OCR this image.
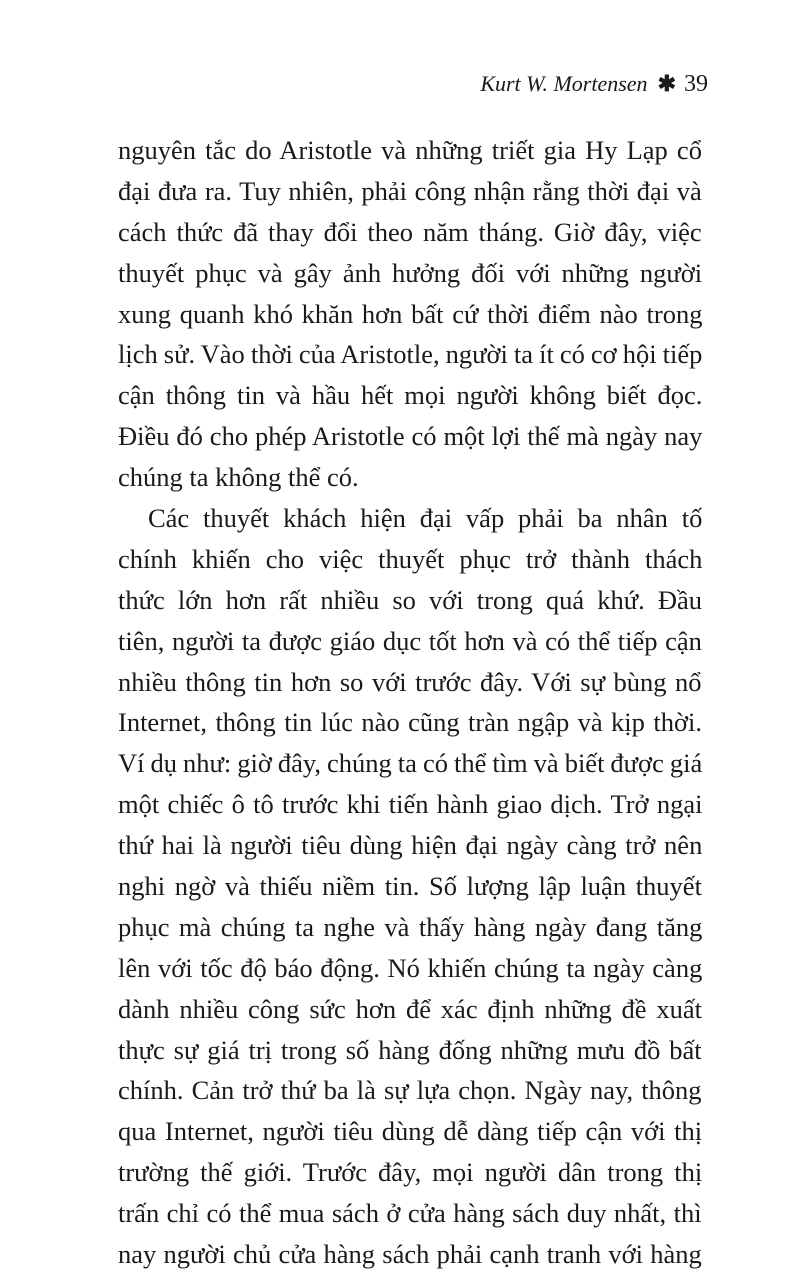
Kurt W. Mortensen ✱ 39
nguyên tắc do Aristotle và những triết gia Hy Lạp cổ
đại đưa ra. Tuy nhiên, phải công nhận rằng thời đại và
cách thức đã thay đổi theo năm tháng. Giờ đây, việc
thuyết phục và gây ảnh hưởng đối với những người
xung quanh khó khăn hơn bất cứ thời điểm nào trong
lịch sử. Vào thời của Aristotle, người ta ít có cơ hội tiếp
cận thông tin và hầu hết mọi người không biết đọc.
Điều đó cho phép Aristotle có một lợi thế mà ngày nay
chúng ta không thể có.
Các thuyết khách hiện đại vấp phải ba nhân tố
chính khiến cho việc thuyết phục trở thành thách
thức lớn hơn rất nhiều so với trong quá khứ. Đầu
tiên, người ta được giáo dục tốt hơn và có thể tiếp cận
nhiều thông tin hơn so với trước đây. Với sự bùng nổ
Internet, thông tin lúc nào cũng tràn ngập và kịp thời.
Ví dụ như: giờ đây, chúng ta có thể tìm và biết được giá
một chiếc ô tô trước khi tiến hành giao dịch. Trở ngại
thứ hai là người tiêu dùng hiện đại ngày càng trở nên
nghi ngờ và thiếu niềm tin. Số lượng lập luận thuyết
phục mà chúng ta nghe và thấy hàng ngày đang tăng
lên với tốc độ báo động. Nó khiến chúng ta ngày càng
dành nhiều công sức hơn để xác định những đề xuất
thực sự giá trị trong số hàng đống những mưu đồ bất
chính. Cản trở thứ ba là sự lựa chọn. Ngày nay, thông
qua Internet, người tiêu dùng dễ dàng tiếp cận với thị
trường thế giới. Trước đây, mọi người dân trong thị
trấn chỉ có thể mua sách ở cửa hàng sách duy nhất, thì
nay người chủ cửa hàng sách phải cạnh tranh với hàng
